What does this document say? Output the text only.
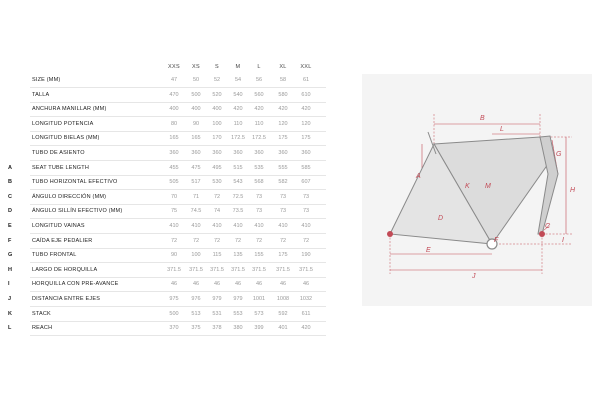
XXS	XS	S	M	L	XL	XXL
SIZE (MM)	47	50	52	54	56	58	61
TALLA	470	500	520	540	560	580	610
ANCHURA MANILLAR (MM)	400	400	400	420	420	420	420
LONGITUD POTENCIA	80	90	100	110	110	120	120
LONGITUD BIELAS (MM)	165	165	170	172.5	172.5	175	175
TUBO DE ASIENTO	360	360	360	360	360	360	360
A	SEAT TUBE LENGTH	455	475	495	515	535	555	585
B	TUBO HORIZONTAL EFECTIVO	505	517	530	543	568	582	607
C	ÁNGULO DIRECCIÓN (MM)	70	71	72	72.5	73	73	73
D	ÁNGULO SILLÍN EFECTIVO (MM)	75	74.5	74	73.5	73	73	73
E	LONGITUD VAINAS	410	410	410	410	410	410	410
F	CAÍDA EJE PEDALIER	72	72	72	72	72	72	72
G	TUBO FRONTAL	90	100	115	135	155	175	190
H	LARGO DE HORQUILLA	371.5	371.5	371.5	371.5	371.5	371.5	371.5
I	HORQUILLA CON PRE-AVANCE	46	46	46	46	46	46	46
J	DISTANCIA ENTRE EJES	975	976	979	979	1001	1008	1032
K	STACK	500	513	531	553	573	592	611
L	REACH	370	375	378	380	399	401	420
B
L
G
H
K M
A
D
C
E
F	I
J
